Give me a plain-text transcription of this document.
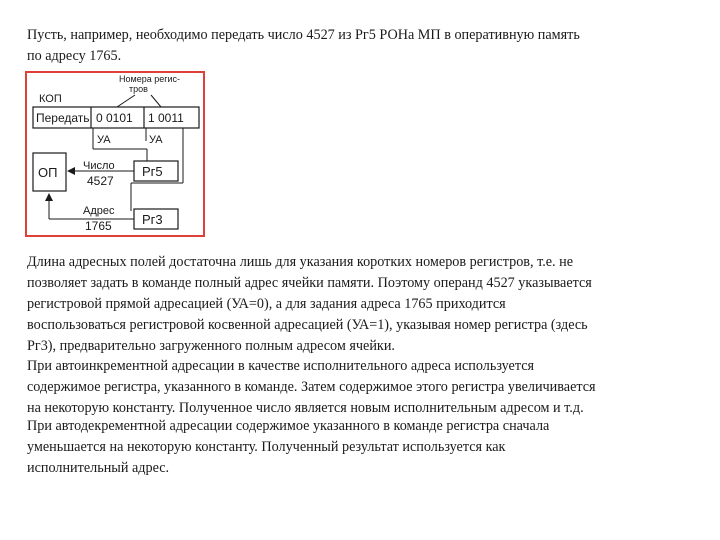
Пусть, например, необходимо передать число 4527 из Рг5 РОНа МП в оперативную память
по адресу 1765.
КОП
Номера регис-
тров
Передать 0 0101 1 0011
УА	УА
ОП	Рг5
Число
4527
Рг3
Адрес
1765
Длина адресных полей достаточна лишь для указания коротких номеров регистров, т.е. не
позволяет задать в команде полный адрес ячейки памяти. Поэтому операнд 4527 указывается
регистровой прямой адресацией (УА=0), а для задания адреса 1765 приходится
воспользоваться регистровой косвенной адресацией (УА=1), указывая номер регистра (здесь
Рг3), предварительно загруженного полным адресом ячейки.
При автоинкрементной адресации в качестве исполнительного адреса используется
содержимое регистра, указанного в команде. Затем содержимое этого регистра увеличивается
на некоторую константу. Полученное число является новым исполнительным адресом и т.д.
При автодекрементной адресации содержимое указанного в команде регистра сначала
уменьшается на некоторую константу. Полученный результат используется как
исполнительный адрес.
